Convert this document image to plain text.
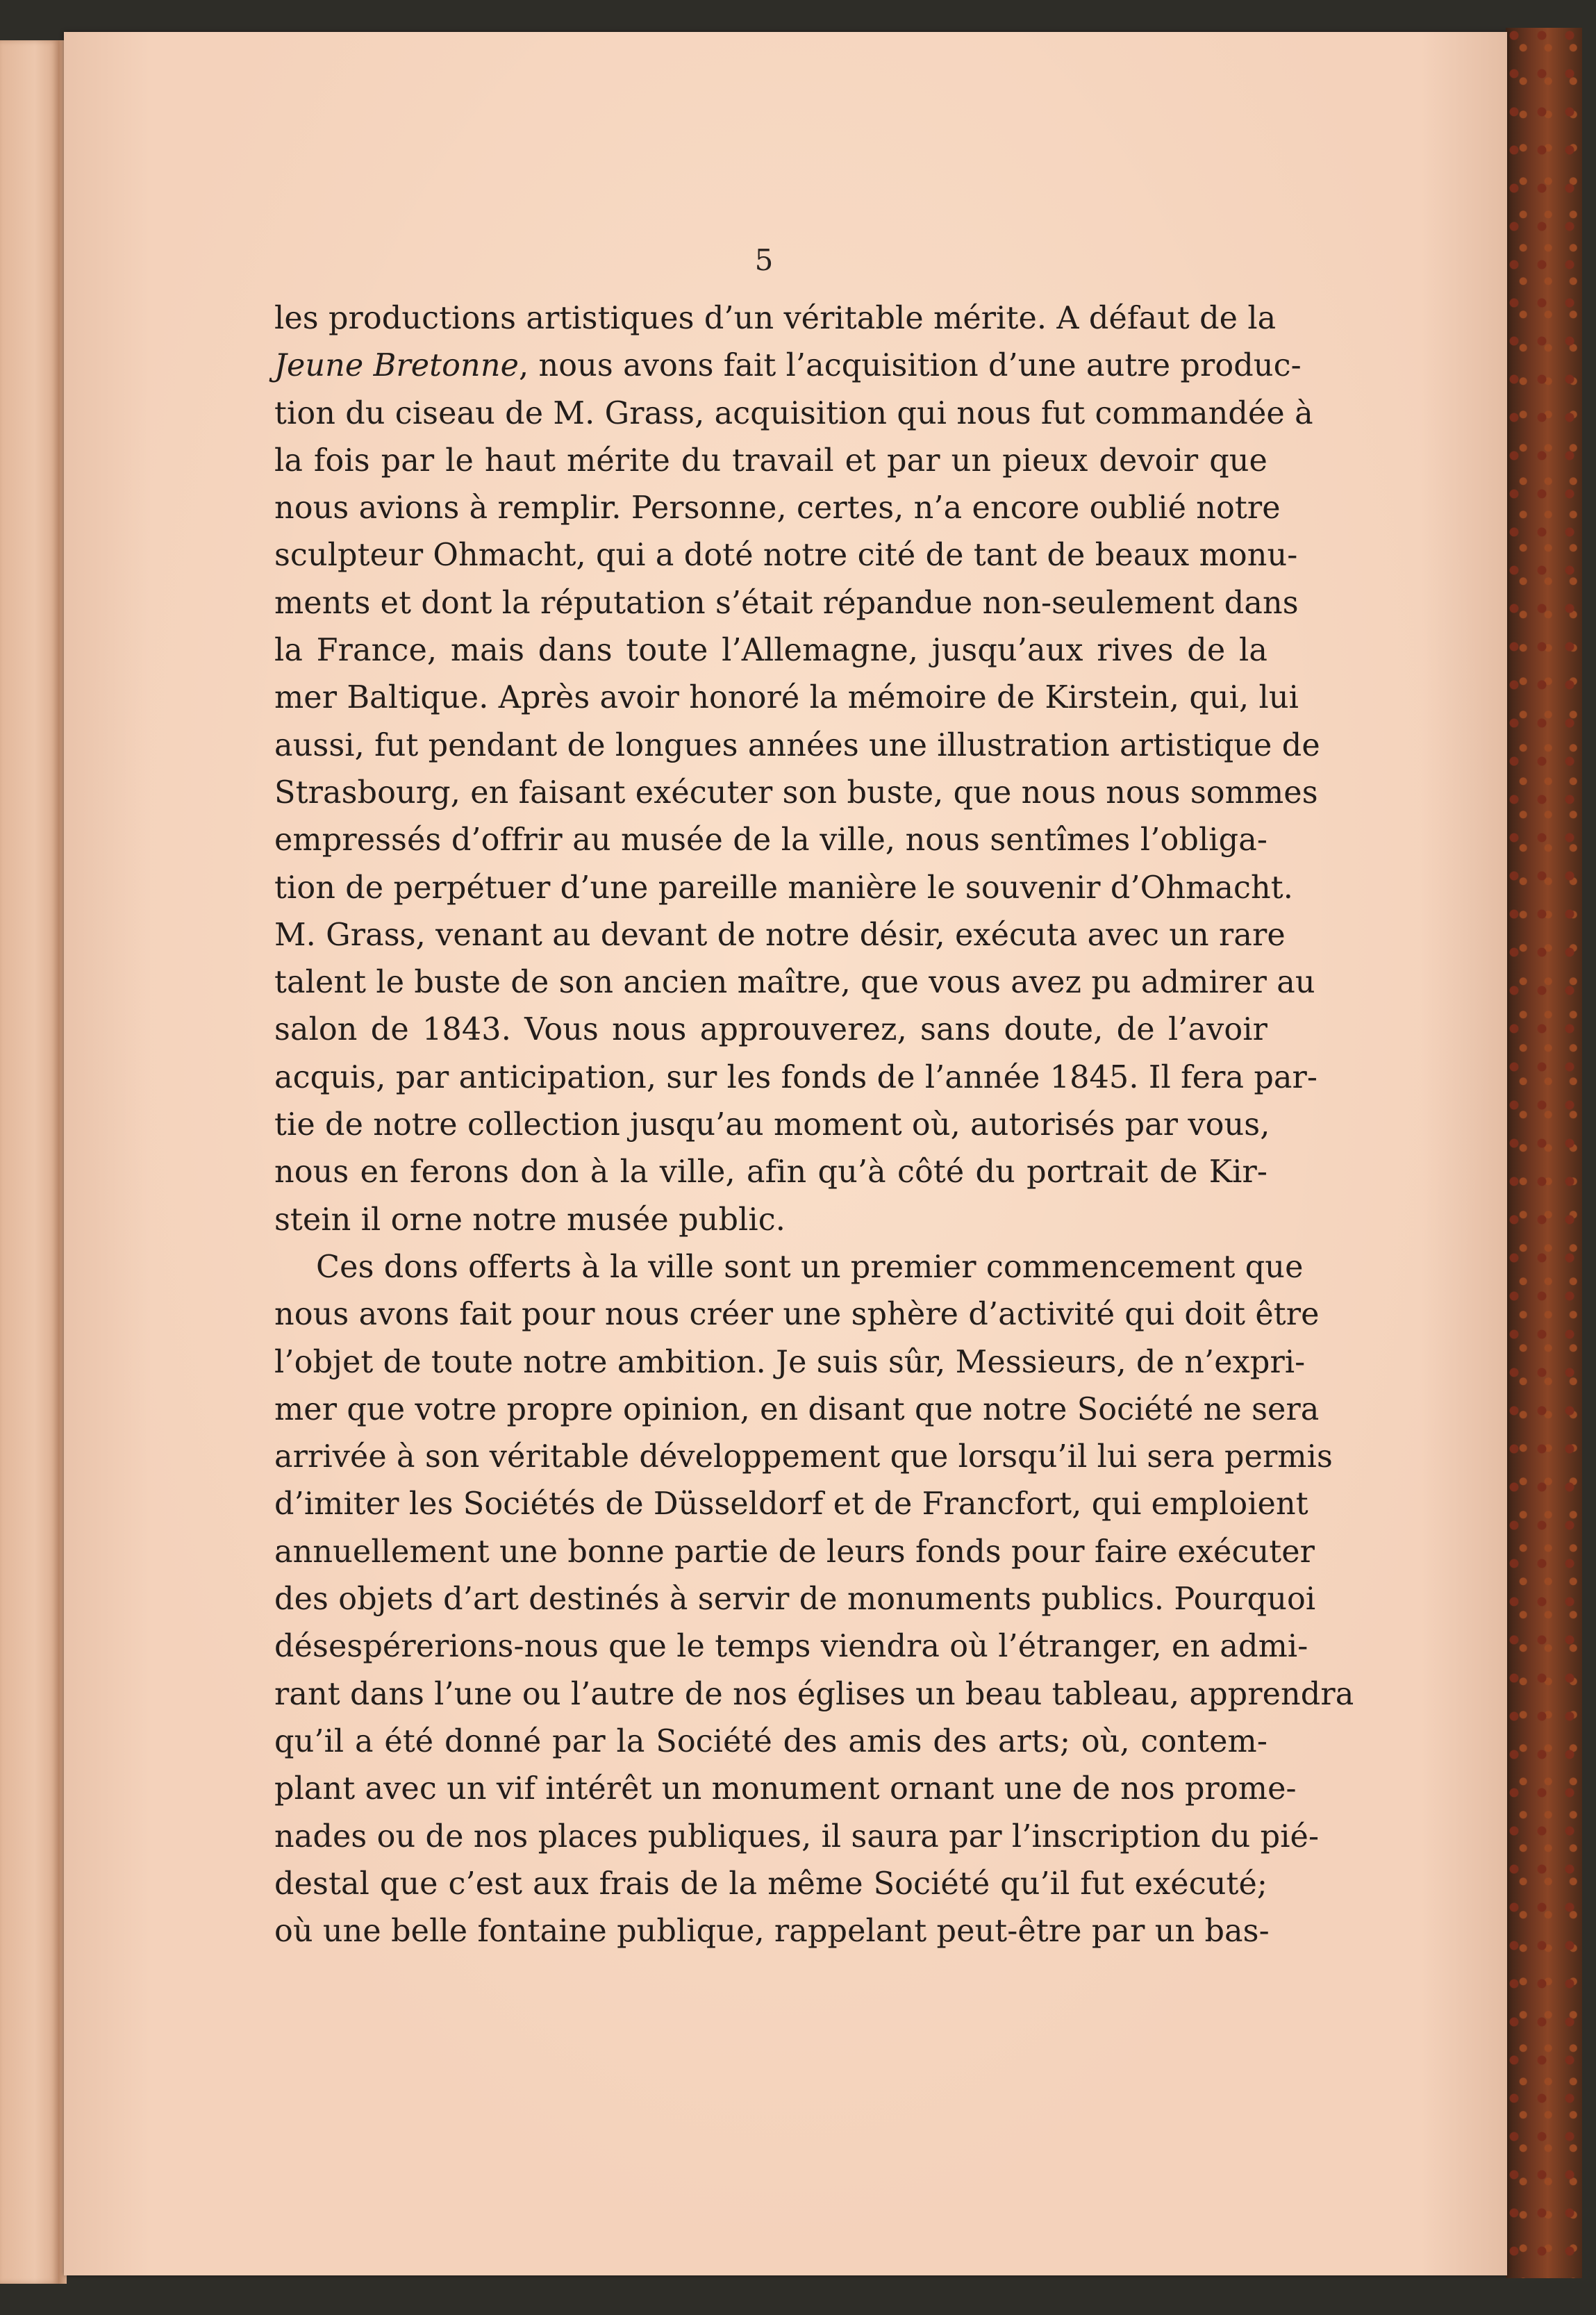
5
les productions artistiques d’un véritable mérite. A défaut de la
Jeune Bretonne, nous avons fait l’acquisition d’une autre produc-
tion du ciseau de M. Grass, acquisition qui nous fut commandée à
la fois par le haut mérite du travail et par un pieux devoir que
nous avions à remplir. Personne, certes, n’a encore oublié notre
sculpteur Ohmacht, qui a doté notre cité de tant de beaux monu-
ments et dont la réputation s’était répandue non-seulement dans
la France, mais dans toute l’Allemagne, jusqu’aux rives de la
mer Baltique. Après avoir honoré la mémoire de Kirstein, qui, lui
aussi, fut pendant de longues années une illustration artistique de
Strasbourg, en faisant exécuter son buste, que nous nous sommes
empressés d’offrir au musée de la ville, nous sentîmes l’obliga-
tion de perpétuer d’une pareille manière le souvenir d’Ohmacht.
M. Grass, venant au devant de notre désir, exécuta avec un rare
talent le buste de son ancien maître, que vous avez pu admirer au
salon de 1843. Vous nous approuverez, sans doute, de l’avoir
acquis, par anticipation, sur les fonds de l’année 1845. Il fera par-
tie de notre collection jusqu’au moment où, autorisés par vous,
nous en ferons don à la ville, afin qu’à côté du portrait de Kir-
stein il orne notre musée public.
Ces dons offerts à la ville sont un premier commencement que
nous avons fait pour nous créer une sphère d’activité qui doit être
l’objet de toute notre ambition. Je suis sûr, Messieurs, de n’expri-
mer que votre propre opinion, en disant que notre Société ne sera
arrivée à son véritable développement que lorsqu’il lui sera permis
d’imiter les Sociétés de Düsseldorf et de Francfort, qui emploient
annuellement une bonne partie de leurs fonds pour faire exécuter
des objets d’art destinés à servir de monuments publics. Pourquoi
désespérerions-nous que le temps viendra où l’étranger, en admi-
rant dans l’une ou l’autre de nos églises un beau tableau, apprendra
qu’il a été donné par la Société des amis des arts; où, contem-
plant avec un vif intérêt un monument ornant une de nos prome-
nades ou de nos places publiques, il saura par l’inscription du pié-
destal que c’est aux frais de la même Société qu’il fut exécuté;
où une belle fontaine publique, rappelant peut-être par un bas-
